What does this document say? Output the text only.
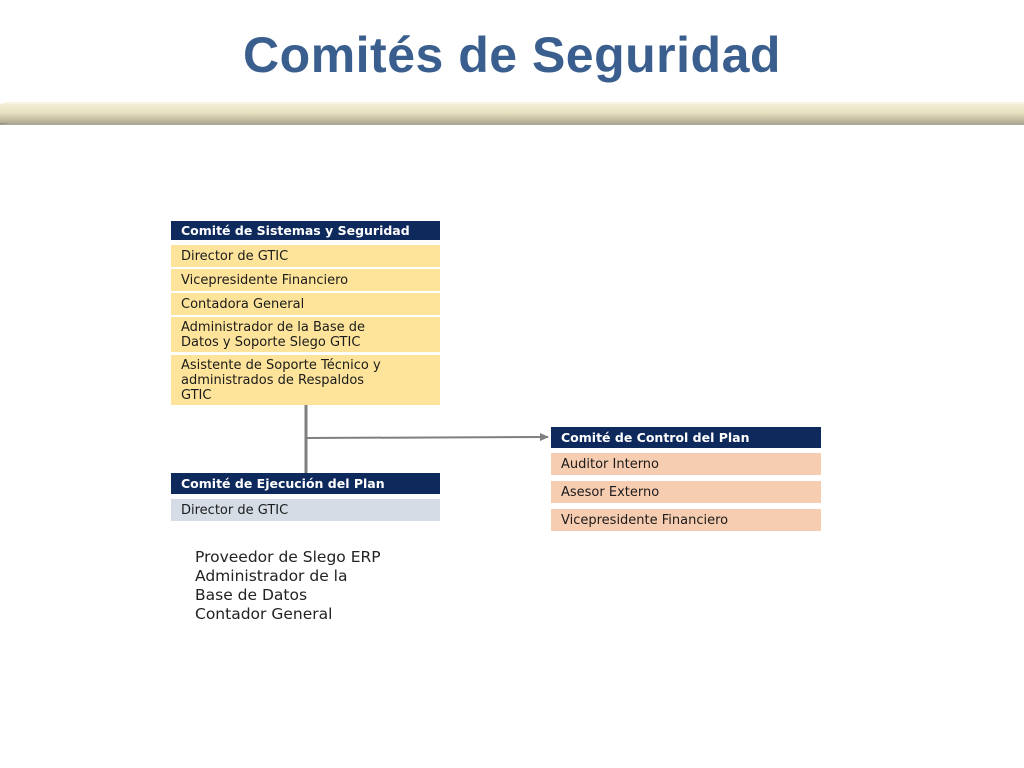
Comités de Seguridad
Comité de Sistemas y Seguridad
Director de GTIC
Vicepresidente Financiero
Contadora General
Administrador de la Base de
Datos y Soporte Slego GTIC
Asistente de Soporte Técnico y
administrados de Respaldos
GTIC
Comité de Ejecución del Plan
Director de GTIC
Proveedor de Slego ERP
Administrador de la
Base de Datos
Contador General
Comité de Control del Plan
Auditor Interno
Asesor Externo
Vicepresidente Financiero
